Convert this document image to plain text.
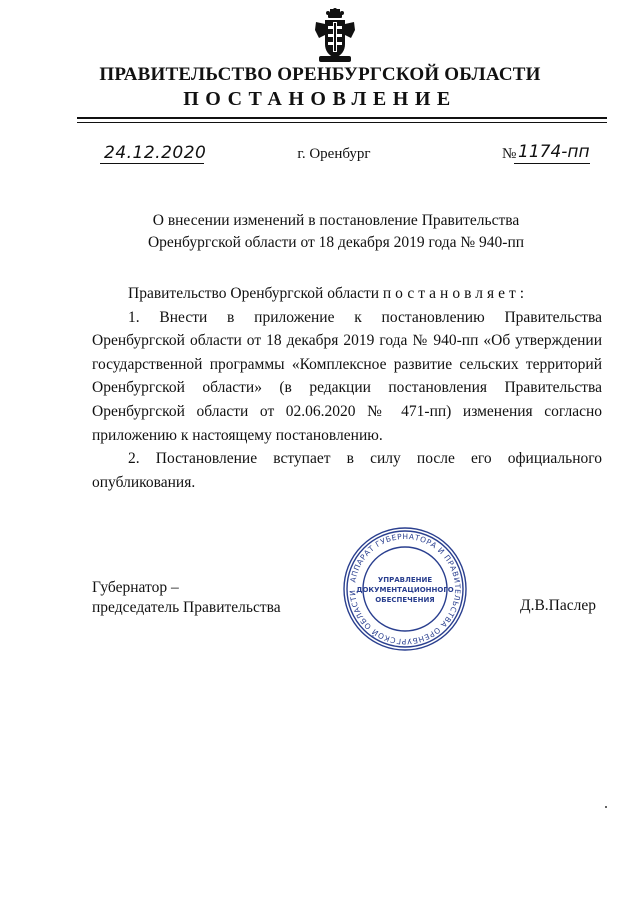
ПРАВИТЕЛЬСТВО ОРЕНБУРГСКОЙ ОБЛАСТИ
ПОСТАНОВЛЕНИЕ
24.12.2020	г. Оренбург	№ 1174-пп
О внесении изменений в постановление Правительства
Оренбургской области от 18 декабря 2019 года № 940-пп

Правительство Оренбургской области постановляет:

1. Внести в приложение к постановлению Правительства Оренбургской области от 18 декабря 2019 года № 940-пп «Об утверждении государственной программы «Комплексное развитие сельских территорий Оренбургской области» (в редакции постановления Правительства Оренбургской области от 02.06.2020 № 471-пп) изменения согласно приложению к настоящему постановлению.

2. Постановление вступает в силу после его официального опубликования.

Губернатор –
председатель Правительства	Д.В.Паслер
АППАРАТ ГУБЕРНАТОРА И ПРАВИТЕЛЬСТВА ОРЕНБУРГСКОЙ ОБЛАСТИ
УПРАВЛЕНИЕ
ДОКУМЕНТАЦИОННОГО
ОБЕСПЕЧЕНИЯ
